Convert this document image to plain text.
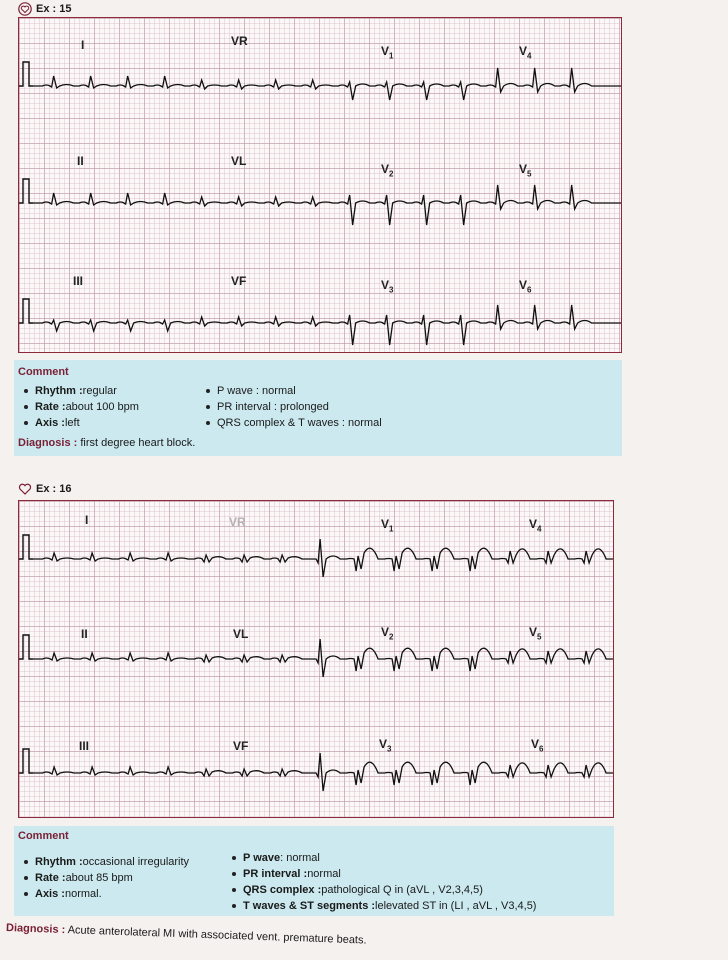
Ex : 15
I	VR
$V_1$	$V_4$
II	VL
$V_2$	$V_5$
III	VF	$V_3$	$V_6$
Comment
Rhythm : regular
Rate : about 100 bpm
Axis : left
P wave : normal
PR interval : prolonged
QRS complex & T waves : normal
Diagnosis : first degree heart block.
Ex : 16
I	VR	$V_1$	$V_4$
II	VL	$V_2$	$V_5$
III	VF	$V_3$	$V_6$
Comment
Rhythm : occasional irregularity
Rate : about 85 bpm
Axis : normal.
P wave : normal
PR interval : normal
QRS complex : pathological Q in (aVL , V2,3,4,5)
T waves & ST segments : lelevated ST in (LI , aVL , V3,4,5)
Diagnosis : Acute anterolateral MI with associated vent. premature beats.
